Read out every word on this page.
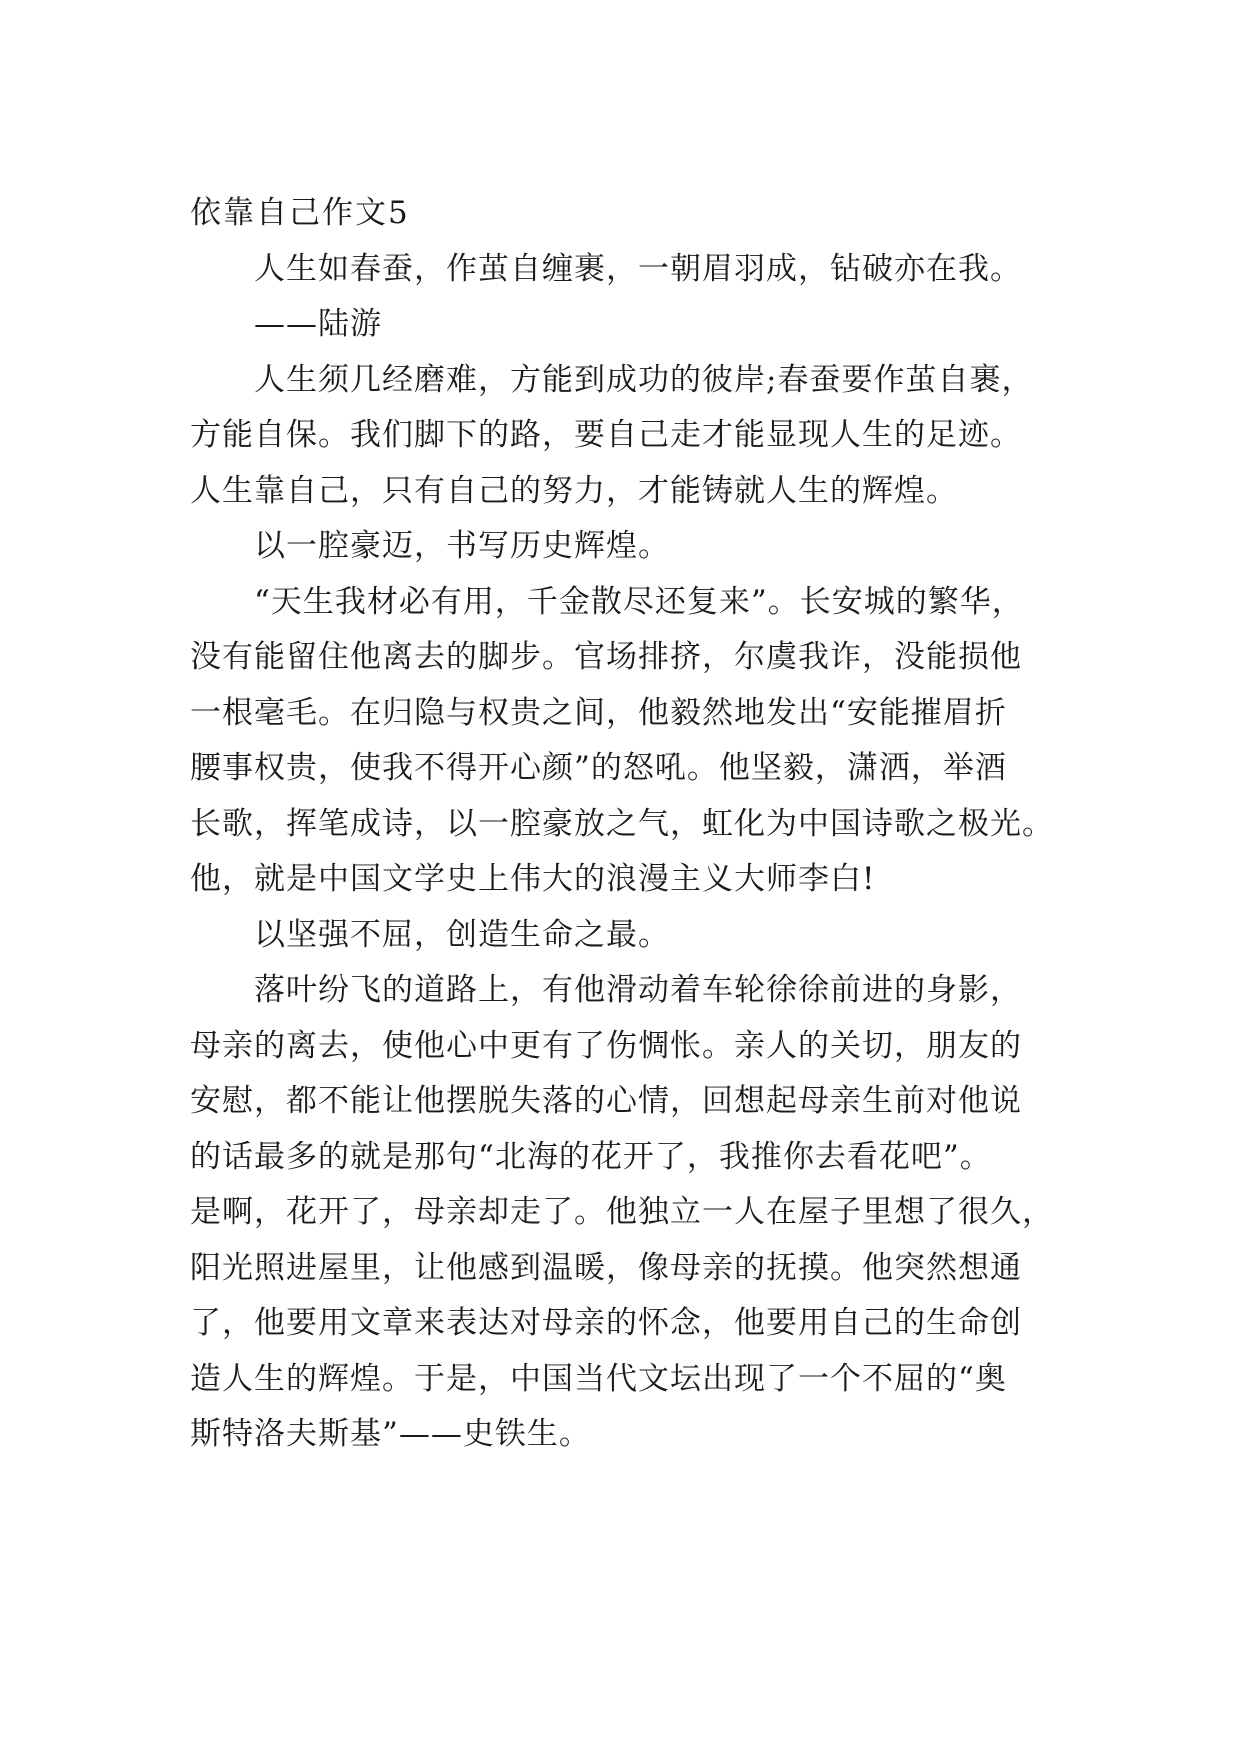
依靠自己作文5
人生如春蚕，作茧自缠裹，一朝眉羽成，钻破亦在我。
——陆游
人生须几经磨难，方能到成功的彼岸;春蚕要作茧自裹，
方能自保。我们脚下的路，要自己走才能显现人生的足迹。
人生靠自己，只有自己的努力，才能铸就人生的辉煌。
以一腔豪迈，书写历史辉煌。
“天生我材必有用，千金散尽还复来”。长安城的繁华，
没有能留住他离去的脚步。官场排挤，尔虞我诈，没能损他
一根毫毛。在归隐与权贵之间，他毅然地发出“安能摧眉折
腰事权贵，使我不得开心颜”的怒吼。他坚毅，潇洒，举酒
长歌，挥笔成诗，以一腔豪放之气，虹化为中国诗歌之极光。
他，就是中国文学史上伟大的浪漫主义大师李白!
以坚强不屈，创造生命之最。
落叶纷飞的道路上，有他滑动着车轮徐徐前进的身影，
母亲的离去，使他心中更有了伤惆怅。亲人的关切，朋友的
安慰，都不能让他摆脱失落的心情，回想起母亲生前对他说
的话最多的就是那句“北海的花开了，我推你去看花吧”。
是啊，花开了，母亲却走了。他独立一人在屋子里想了很久，
阳光照进屋里，让他感到温暖，像母亲的抚摸。他突然想通
了，他要用文章来表达对母亲的怀念，他要用自己的生命创
造人生的辉煌。于是，中国当代文坛出现了一个不屈的“奥
斯特洛夫斯基”——史铁生。
